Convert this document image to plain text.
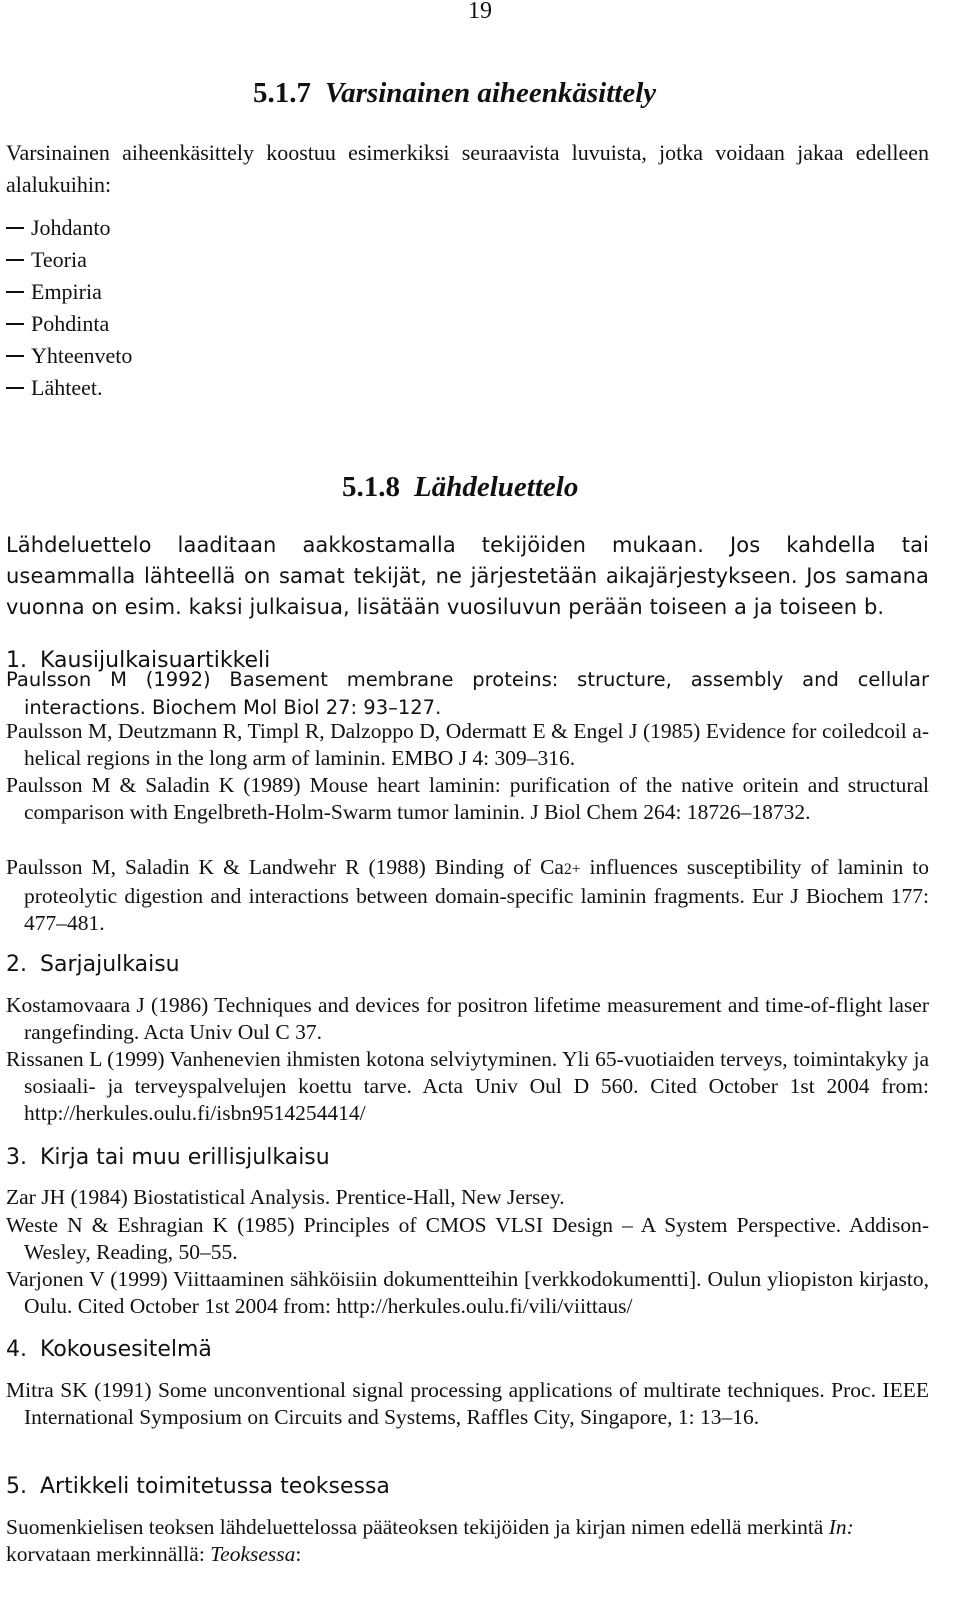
19
5.1.7 Varsinainen aiheenkäsittely
Varsinainen aiheenkäsittely koostuu esimerkiksi seuraavista luvuista, jotka voidaan jakaa edelleen alalukuihin:
Johdanto
Teoria
Empiria
Pohdinta
Yhteenveto
Lähteet.
5.1.8 Lähdeluettelo
Lähdeluettelo laaditaan aakkostamalla tekijöiden mukaan. Jos kahdella tai useammalla lähteellä on samat tekijät, ne järjestetään aikajärjestykseen. Jos samana vuonna on esim. kaksi julkaisua, lisätään vuosiluvun perään toiseen a ja toiseen b.
1. Kausijulkaisuartikkeli
Paulsson M (1992) Basement membrane proteins: structure, assembly and cellular interactions. Biochem Mol Biol 27: 93–127.
Paulsson M, Deutzmann R, Timpl R, Dalzoppo D, Odermatt E & Engel J (1985) Evidence for coiledcoil a-helical regions in the long arm of laminin. EMBO J 4: 309–316.
Paulsson M & Saladin K (1989) Mouse heart laminin: purification of the native oritein and structural comparison with Engelbreth-Holm-Swarm tumor laminin. J Biol Chem 264: 18726–18732.
Paulsson M, Saladin K & Landwehr R (1988) Binding of Ca2+ influences susceptibility of laminin to proteolytic digestion and interactions between domain-specific laminin fragments. Eur J Biochem 177: 477–481.
2. Sarjajulkaisu
Kostamovaara J (1986) Techniques and devices for positron lifetime measurement and time-of-flight laser rangefinding. Acta Univ Oul C 37.
Rissanen L (1999) Vanhenevien ihmisten kotona selviytyminen. Yli 65-vuotiaiden terveys, toimintakyky ja sosiaali- ja terveyspalvelujen koettu tarve. Acta Univ Oul D 560. Cited October 1st 2004 from: http://herkules.oulu.fi/isbn9514254414/
3. Kirja tai muu erillisjulkaisu
Zar JH (1984) Biostatistical Analysis. Prentice-Hall, New Jersey.
Weste N & Eshragian K (1985) Principles of CMOS VLSI Design – A System Perspective. Addison-Wesley, Reading, 50–55.
Varjonen V (1999) Viittaaminen sähköisiin dokumentteihin [verkkodokumentti]. Oulun yliopiston kirjasto, Oulu. Cited October 1st 2004 from: http://herkules.oulu.fi/vili/viittaus/
4. Kokousesitelmä
Mitra SK (1991) Some unconventional signal processing applications of multirate techniques. Proc. IEEE International Symposium on Circuits and Systems, Raffles City, Singapore, 1: 13–16.
5. Artikkeli toimitetussa teoksessa
Suomenkielisen teoksen lähdeluettelossa pääteoksen tekijöiden ja kirjan nimen edellä merkintä In: korvataan merkinnällä: Teoksessa:
